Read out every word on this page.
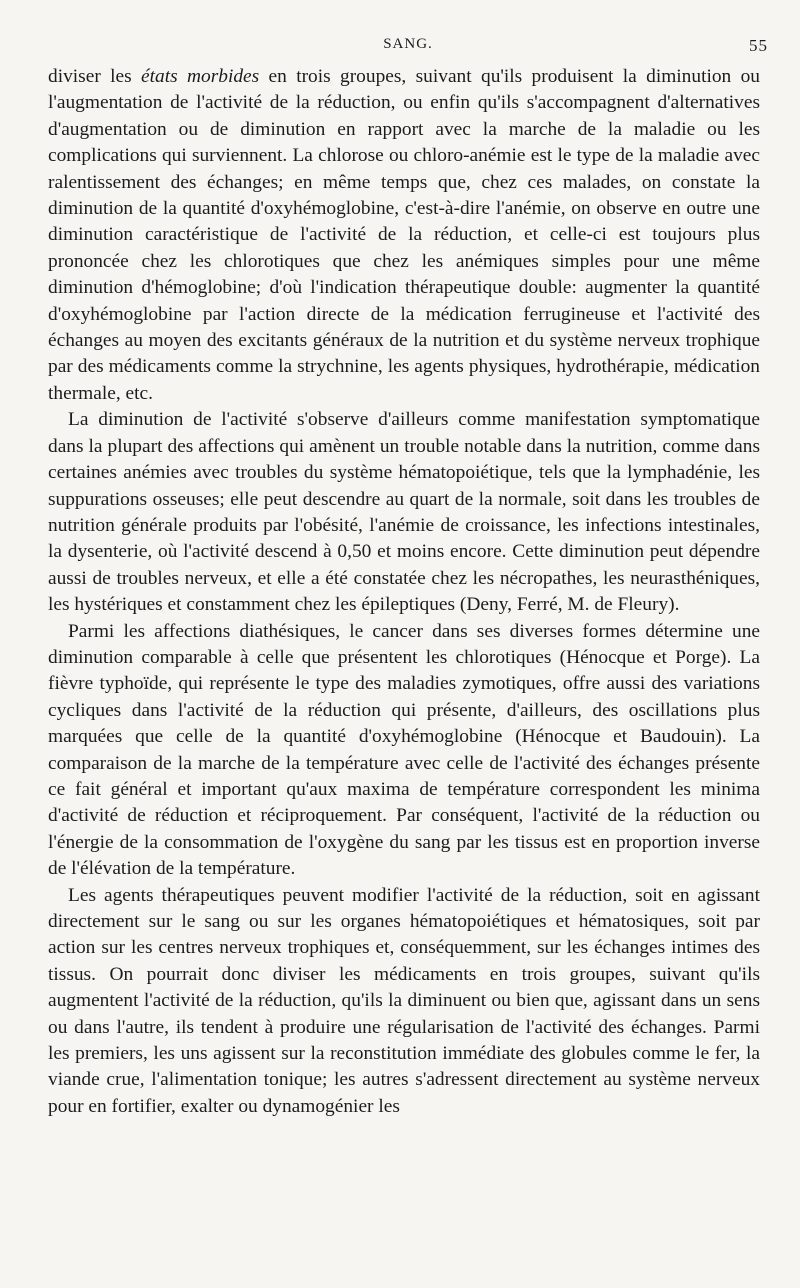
SANG.	55

diviser les états morbides en trois groupes, suivant qu'ils produisent la diminution ou l'augmentation de l'activité de la réduction, ou enfin qu'ils s'accompagnent d'alternatives d'augmentation ou de diminution en rapport avec la marche de la maladie ou les complications qui surviennent. La chlorose ou chloro-anémie est le type de la maladie avec ralentissement des échanges; en même temps que, chez ces malades, on constate la diminution de la quantité d'oxyhémoglobine, c'est-à-dire l'anémie, on observe en outre une diminution caractéristique de l'activité de la réduction, et celle-ci est toujours plus prononcée chez les chlorotiques que chez les anémiques simples pour une même diminution d'hémoglobine; d'où l'indication thérapeutique double: augmenter la quantité d'oxyhémoglobine par l'action directe de la médication ferrugineuse et l'activité des échanges au moyen des excitants généraux de la nutrition et du système nerveux trophique par des médicaments comme la strychnine, les agents physiques, hydrothérapie, médication thermale, etc.

La diminution de l'activité s'observe d'ailleurs comme manifestation symptomatique dans la plupart des affections qui amènent un trouble notable dans la nutrition, comme dans certaines anémies avec troubles du système hématopoiétique, tels que la lymphadénie, les suppurations osseuses; elle peut descendre au quart de la normale, soit dans les troubles de nutrition générale produits par l'obésité, l'anémie de croissance, les infections intestinales, la dysenterie, où l'activité descend à 0,50 et moins encore. Cette diminution peut dépendre aussi de troubles nerveux, et elle a été constatée chez les nécropathes, les neurasthéniques, les hystériques et constamment chez les épileptiques (Deny, Ferré, M. de Fleury).

Parmi les affections diathésiques, le cancer dans ses diverses formes détermine une diminution comparable à celle que présentent les chlorotiques (Hénocque et Porge). La fièvre typhoïde, qui représente le type des maladies zymotiques, offre aussi des variations cycliques dans l'activité de la réduction qui présente, d'ailleurs, des oscillations plus marquées que celle de la quantité d'oxyhémoglobine (Hénocque et Baudouin). La comparaison de la marche de la température avec celle de l'activité des échanges présente ce fait général et important qu'aux maxima de température correspondent les minima d'activité de réduction et réciproquement. Par conséquent, l'activité de la réduction ou l'énergie de la consommation de l'oxygène du sang par les tissus est en proportion inverse de l'élévation de la température.

Les agents thérapeutiques peuvent modifier l'activité de la réduction, soit en agissant directement sur le sang ou sur les organes hématopoiétiques et hématosiques, soit par action sur les centres nerveux trophiques et, conséquemment, sur les échanges intimes des tissus. On pourrait donc diviser les médicaments en trois groupes, suivant qu'ils augmentent l'activité de la réduction, qu'ils la diminuent ou bien que, agissant dans un sens ou dans l'autre, ils tendent à produire une régularisation de l'activité des échanges. Parmi les premiers, les uns agissent sur la reconstitution immédiate des globules comme le fer, la viande crue, l'alimentation tonique; les autres s'adressent directement au système nerveux pour en fortifier, exalter ou dynamogénier les
